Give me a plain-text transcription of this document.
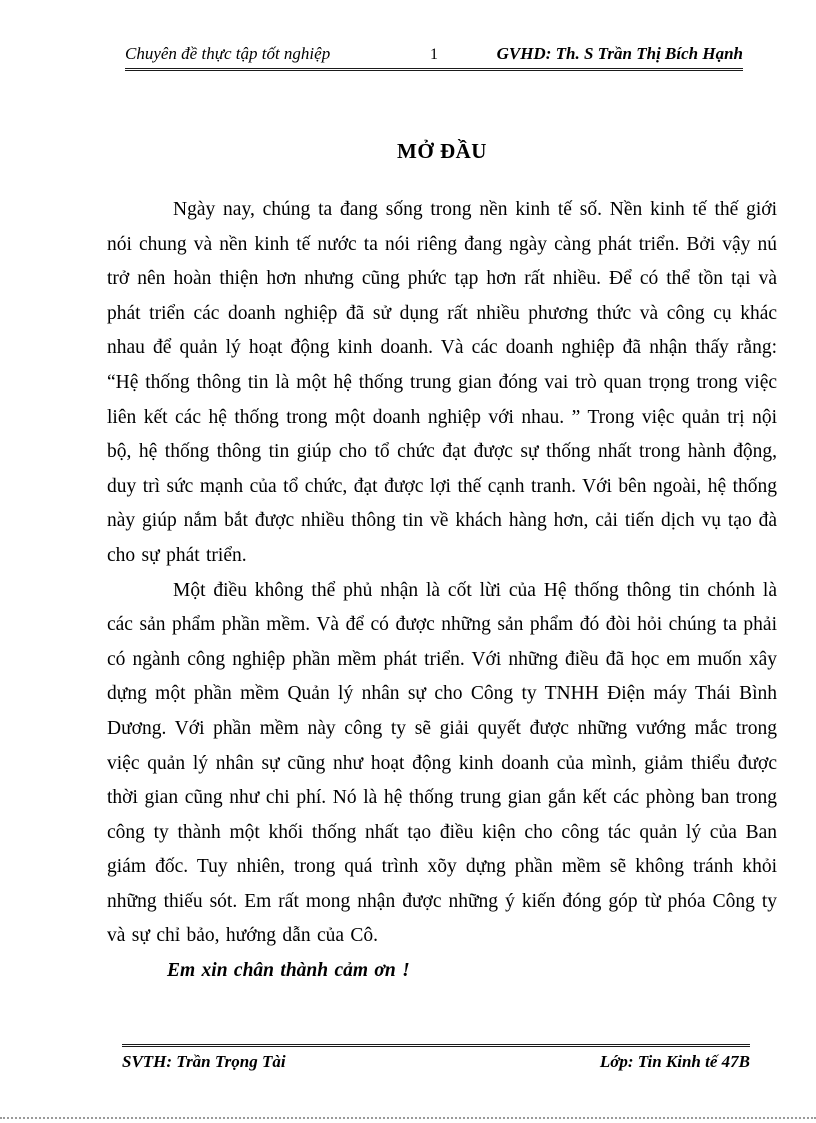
Chuyên đề thực tập tốt nghiệp	1	GVHD: Th. S Trần Thị Bích Hạnh
MỞ ĐẦU

Ngày nay, chúng ta đang sống trong nền kinh tế số. Nền kinh tế thế giới nói chung và nền kinh tế nước ta nói riêng đang ngày càng phát triển. Bởi vậy nú trở nên hoàn thiện hơn nhưng cũng phức tạp hơn rất nhiều. Để có thể tồn tại và phát triển các doanh nghiệp đã sử dụng rất nhiều phương thức và công cụ khác nhau để quản lý hoạt động kinh doanh. Và các doanh nghiệp đã nhận thấy rằng: “Hệ thống thông tin là một hệ thống trung gian đóng vai trò quan trọng trong việc liên kết các hệ thống trong một doanh nghiệp với nhau. ” Trong việc quản trị nội bộ, hệ thống thông tin giúp cho tổ chức đạt được sự thống nhất trong hành động, duy trì sức mạnh của tổ chức, đạt được lợi thế cạnh tranh. Với bên ngoài, hệ thống này giúp nắm bắt được nhiều thông tin về khách hàng hơn, cải tiến dịch vụ tạo đà cho sự phát triển.

Một điều không thể phủ nhận là cốt lừi của Hệ thống thông tin chónh là các sản phẩm phần mềm. Và để có được những sản phẩm đó đòi hỏi chúng ta phải có ngành công nghiệp phần mềm phát triển. Với những điều đã học em muốn xây dựng một phần mềm Quản lý nhân sự cho Công ty TNHH Điện máy Thái Bình Dương. Với phần mềm này công ty sẽ giải quyết được những vướng mắc trong việc quản lý nhân sự cũng như hoạt động kinh doanh của mình, giảm thiểu được thời gian cũng như chi phí. Nó là hệ thống trung gian gắn kết các phòng ban trong công ty thành một khối thống nhất tạo điều kiện cho công tác quản lý của Ban giám đốc. Tuy nhiên, trong quá trình xõy dựng phần mềm sẽ không tránh khỏi những thiếu sót. Em rất mong nhận được những ý kiến đóng góp từ phóa Công ty và sự chỉ bảo, hướng dẫn của Cô.

Em xin chân thành cảm ơn !

SVTH: Trần Trọng Tài	Lớp: Tin Kinh tế 47B
